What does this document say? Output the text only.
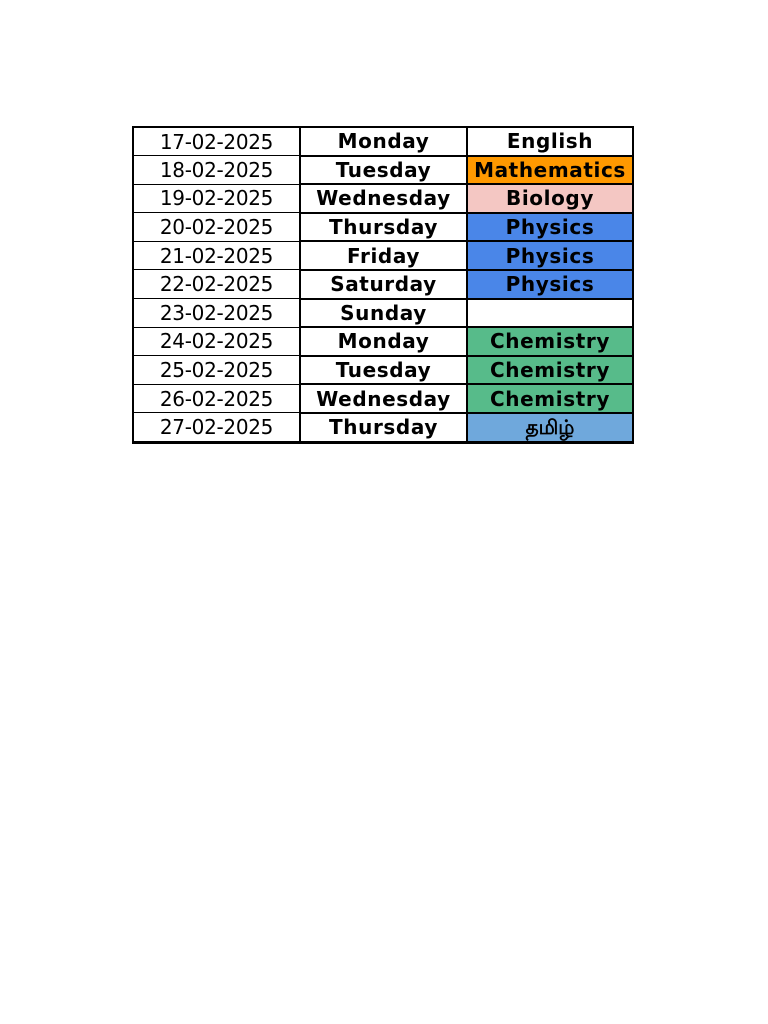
17-02-2025	Monday	English
18-02-2025	Tuesday	Mathematics
19-02-2025	Wednesday	Biology
20-02-2025	Thursday	Physics
21-02-2025	Friday	Physics
22-02-2025	Saturday	Physics
23-02-2025	Sunday	
24-02-2025	Monday	Chemistry
25-02-2025	Tuesday	Chemistry
26-02-2025	Wednesday	Chemistry
27-02-2025	Thursday	தமிழ்
